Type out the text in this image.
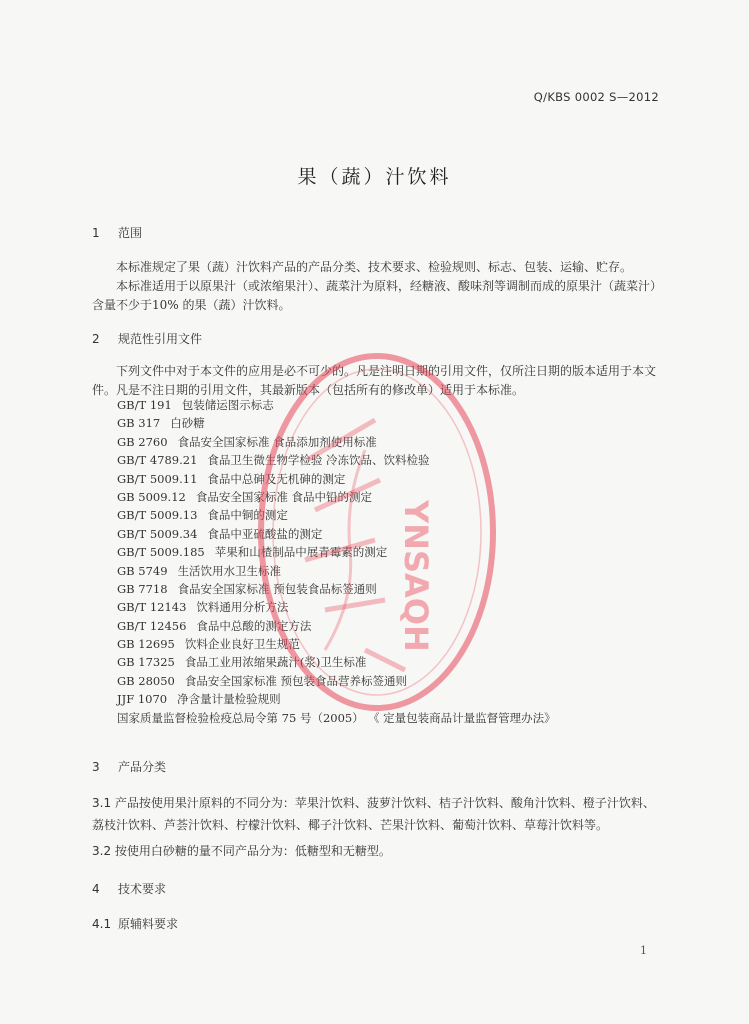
Q/KBS 0002 S—2012
果（蔬）汁饮料
1 范围

本标准规定了果（蔬）汁饮料产品的产品分类、技术要求、检验规则、标志、包装、运输、贮存。

本标准适用于以原果汁（或浓缩果汁）、蔬菜汁为原料，经糖液、酸味剂等调制而成的原果汁（蔬菜汁）含量不少于10% 的果（蔬）汁饮料。

2 规范性引用文件

下列文件中对于本文件的应用是必不可少的。凡是注明日期的引用文件，仅所注日期的版本适用于本文件。凡是不注日期的引用文件，其最新版本（包括所有的修改单）适用于本标准。

GB/T 191 包装储运图示标志
GB 317 白砂糖
GB 2760 食品安全国家标准 食品添加剂使用标准
GB/T 4789.21 食品卫生微生物学检验 冷冻饮品、饮料检验
GB/T 5009.11 食品中总砷及无机砷的测定
GB 5009.12 食品安全国家标准 食品中铅的测定
GB/T 5009.13 食品中铜的测定
GB/T 5009.34 食品中亚硫酸盐的测定
GB/T 5009.185 苹果和山楂制品中展青霉素的测定
GB 5749 生活饮用水卫生标准
GB 7718 食品安全国家标准 预包装食品标签通则
GB/T 12143 饮料通用分析方法
GB/T 12456 食品中总酸的测定方法
GB 12695 饮料企业良好卫生规范
GB 17325 食品工业用浓缩果蔬汁(浆)卫生标准
GB 28050 食品安全国家标准 预包装食品营养标签通则
JJF 1070 净含量计量检验规则
国家质量监督检验检疫总局令第 75 号（2005） 《 定量包装商品计量监督管理办法》
3 产品分类

3.1 产品按使用果汁原料的不同分为：苹果汁饮料、菠萝汁饮料、桔子汁饮料、酸角汁饮料、橙子汁饮料、荔枝汁饮料、芦荟汁饮料、柠檬汁饮料、椰子汁饮料、芒果汁饮料、葡萄汁饮料、草莓汁饮料等。

3.2 按使用白砂糖的量不同产品分为：低糖型和无糖型。

4 技术要求
4.1 原辅料要求
1
YNSAQH
